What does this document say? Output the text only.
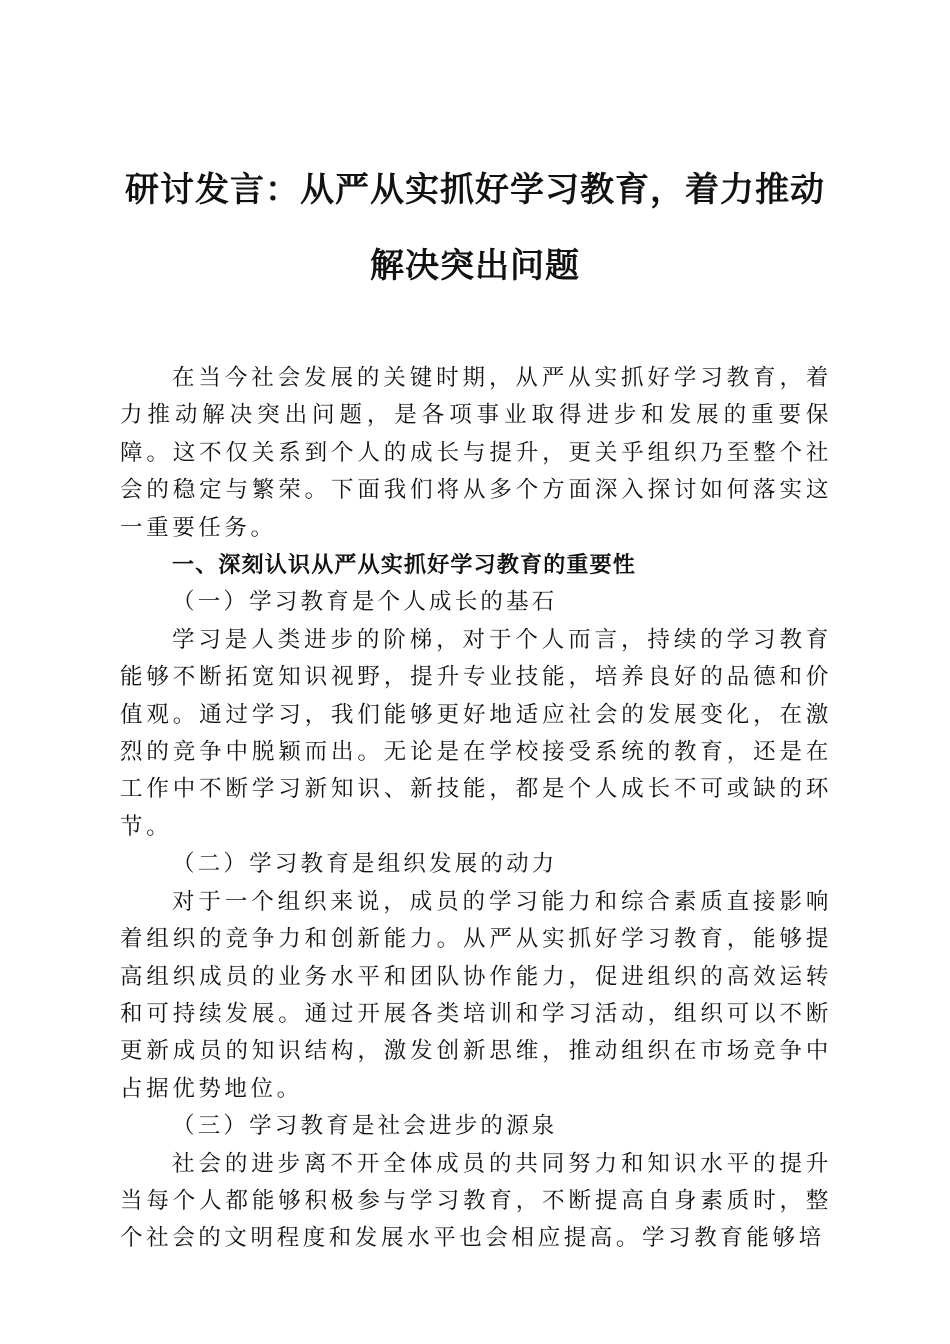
研讨发言：从严从实抓好学习教育，着力推动
解决突出问题

在当今社会发展的关键时期，从严从实抓好学习教育，着力推动解决突出问题，是各项事业取得进步和发展的重要保障。这不仅关系到个人的成长与提升，更关乎组织乃至整个社会的稳定与繁荣。下面我们将从多个方面深入探讨如何落实这一重要任务。

一、深刻认识从严从实抓好学习教育的重要性

（一）学习教育是个人成长的基石

学习是人类进步的阶梯，对于个人而言，持续的学习教育能够不断拓宽知识视野，提升专业技能，培养良好的品德和价值观。通过学习，我们能够更好地适应社会的发展变化，在激烈的竞争中脱颖而出。无论是在学校接受系统的教育，还是在工作中不断学习新知识、新技能，都是个人成长不可或缺的环节。

（二）学习教育是组织发展的动力

对于一个组织来说，成员的学习能力和综合素质直接影响着组织的竞争力和创新能力。从严从实抓好学习教育，能够提高组织成员的业务水平和团队协作能力，促进组织的高效运转和可持续发展。通过开展各类培训和学习活动，组织可以不断更新成员的知识结构，激发创新思维，推动组织在市场竞争中占据优势地位。

（三）学习教育是社会进步的源泉

社会的进步离不开全体成员的共同努力和知识水平的提升当每个人都能够积极参与学习教育，不断提高自身素质时，整个社会的文明程度和发展水平也会相应提高。学习教育能够培
